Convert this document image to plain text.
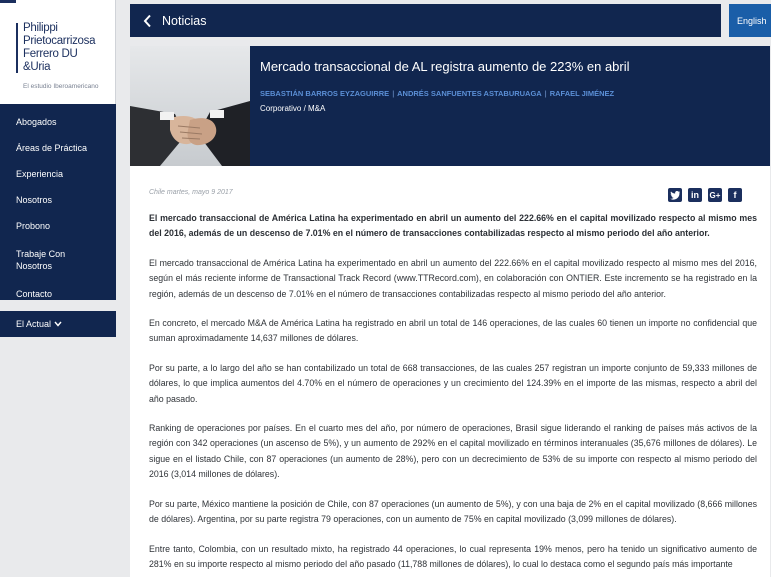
Philippi
Prietocarrizosa
Ferrero DU
&Uria
El estudio Iberoamericano
Abogados
Áreas de Práctica
Experiencia
Nosotros
Probono
Trabaje Con Nosotros
Contacto
El Actual
Noticias	English
Mercado transaccional de AL registra aumento de 223% en abril
SEBASTIÁN BARROS EYZAGUIRRE | ANDRÉS SANFUENTES ASTABURUAGA | RAFAEL JIMÉNEZ
Corporativo / M&A
Chile martes, mayo 9 2017	in	G+	f

El mercado transaccional de América Latina ha experimentado en abril un aumento del 222.66% en el capital movilizado respecto al mismo mes del 2016, además de un descenso de 7.01% en el número de transacciones contabilizadas respecto al mismo periodo del año anterior.

El mercado transaccional de América Latina ha experimentado en abril un aumento del 222.66% en el capital movilizado respecto al mismo mes del 2016, según el más reciente informe de Transactional Track Record (www.TTRecord.com), en colaboración con ONTIER. Este incremento se ha registrado en la región, además de un descenso de 7.01% en el número de transacciones contabilizadas respecto al mismo periodo del año anterior.

En concreto, el mercado M&A de América Latina ha registrado en abril un total de 146 operaciones, de las cuales 60 tienen un importe no confidencial que suman aproximadamente 14,637 millones de dólares.

Por su parte, a lo largo del año se han contabilizado un total de 668 transacciones, de las cuales 257 registran un importe conjunto de 59,333 millones de dólares, lo que implica aumentos del 4.70% en el número de operaciones y un crecimiento del 124.39% en el importe de las mismas, respecto a abril del año pasado.

Ranking de operaciones por países. En el cuarto mes del año, por número de operaciones, Brasil sigue liderando el ranking de países más activos de la región con 342 operaciones (un ascenso de 5%), y un aumento de 292% en el capital movilizado en términos interanuales (35,676 millones de dólares). Le sigue en el listado Chile, con 87 operaciones (un aumento de 28%), pero con un decrecimiento de 53% de su importe con respecto al mismo periodo del 2016 (3,014 millones de dólares).

Por su parte, México mantiene la posición de Chile, con 87 operaciones (un aumento de 5%), y con una baja de 2% en el capital movilizado (8,666 millones de dólares). Argentina, por su parte registra 79 operaciones, con un aumento de 75% en capital movilizado (3,099 millones de dólares).

Entre tanto, Colombia, con un resultado mixto, ha registrado 44 operaciones, lo cual representa 19% menos, pero ha tenido un significativo aumento de 281% en su importe respecto al mismo periodo del año pasado (11,788 millones de dólares), lo cual lo destaca como el segundo país más importante
